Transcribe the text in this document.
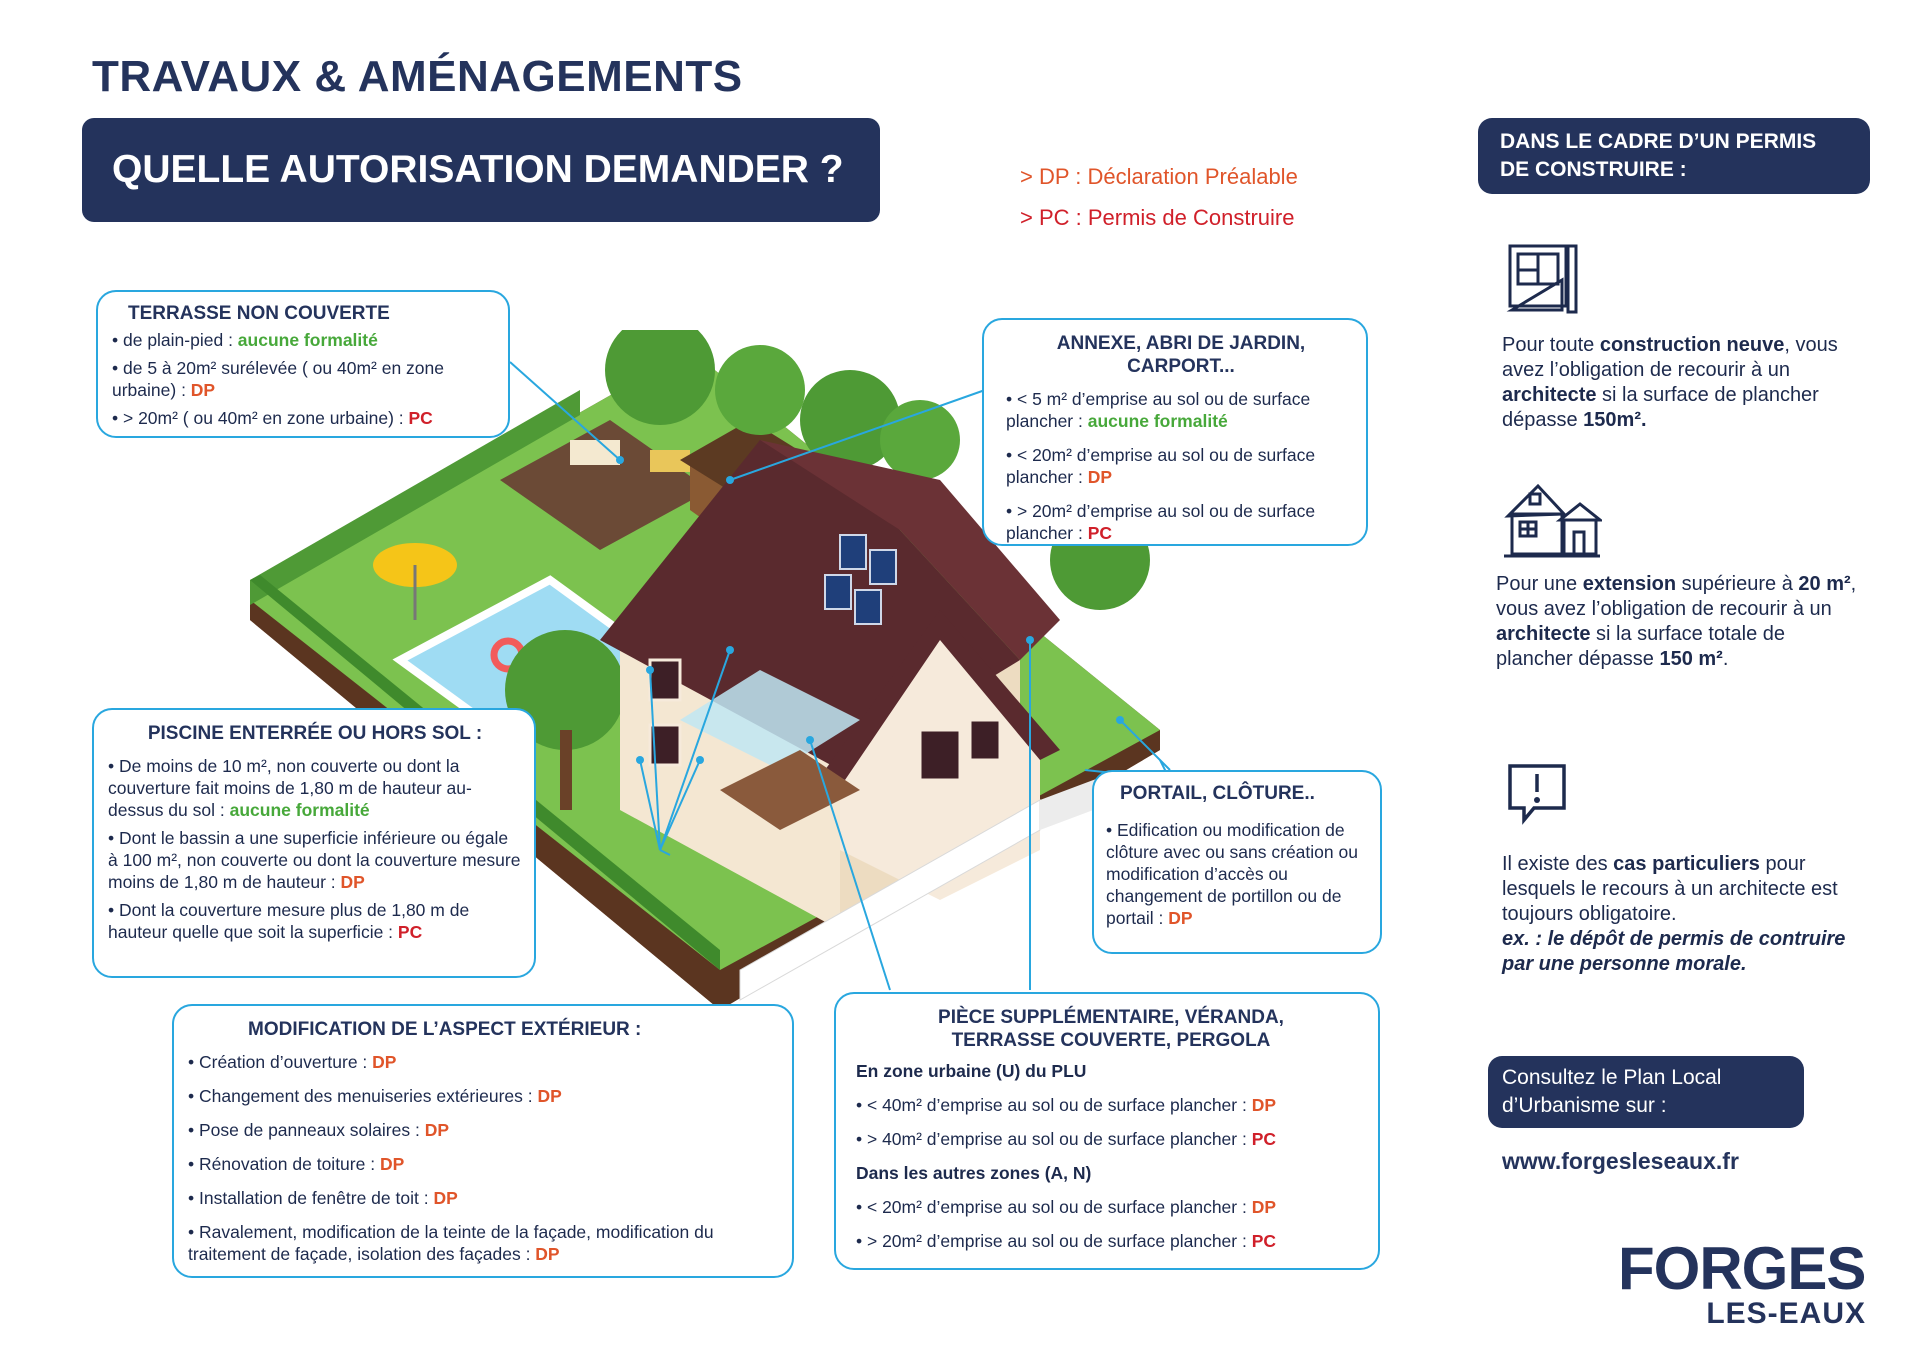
TRAVAUX & AMÉNAGEMENTS
QUELLE AUTORISATION DEMANDER ?	> DP : Déclaration Préalable
> PC : Permis de Construire
TERRASSE NON COUVERTE

• de plain-pied : aucune formalité

• de 5 à 20m² surélevée ( ou 40m² en zone urbaine) : DP

• > 20m² ( ou 40m² en zone urbaine) : PC

ANNEXE, ABRI DE JARDIN, CARPORT...

• < 5 m² d’emprise au sol ou de surface plancher : aucune formalité

• < 20m² d’emprise au sol ou de surface plancher : DP

• > 20m² d’emprise au sol ou de surface plancher : PC

PISCINE ENTERRÉE OU HORS SOL :

• De moins de 10 m², non couverte ou dont la couverture fait moins de 1,80 m de hauteur au-dessus du sol : aucune formalité

• Dont le bassin a une superficie inférieure ou égale à 100 m², non couverte ou dont la couverture mesure moins de 1,80 m de hauteur : DP

• Dont la couverture mesure plus de 1,80 m de hauteur quelle que soit la superficie : PC

PORTAIL, CLÔTURE..

• Edification ou modification de clôture avec ou sans création ou modification d’accès ou changement de portillon ou de portail : DP

MODIFICATION DE L’ASPECT EXTÉRIEUR :

• Création d’ouverture : DP

• Changement des menuiseries extérieures : DP

• Pose de panneaux solaires : DP

• Rénovation de toiture : DP

• Installation de fenêtre de toit : DP

• Ravalement, modification de la teinte de la façade, modification du traitement de façade, isolation des façades : DP

PIÈCE SUPPLÉMENTAIRE, VÉRANDA, TERRASSE COUVERTE, PERGOLA

En zone urbaine (U) du PLU

• < 40m² d’emprise au sol ou de surface plancher : DP

• > 40m² d’emprise au sol ou de surface plancher : PC

Dans les autres zones (A, N)

• < 20m² d’emprise au sol ou de surface plancher : DP

• > 20m² d’emprise au sol ou de surface plancher : PC

DANS LE CADRE D’UN PERMIS DE CONSTRUIRE :
Pour toute construction neuve, vous avez l’obligation de recourir à un architecte si la surface de plancher dépasse 150m².
Pour une extension supérieure à 20 m², vous avez l’obligation de recourir à un architecte si la surface totale de plancher dépasse 150 m².
Il existe des cas particuliers pour lesquels le recours à un architecte est toujours obligatoire.
ex. : le dépôt de permis de contruire par une personne morale.
Consultez le Plan Local d’Urbanisme sur :
www.forgesleseaux.fr
FORGES
LES-EAUX
